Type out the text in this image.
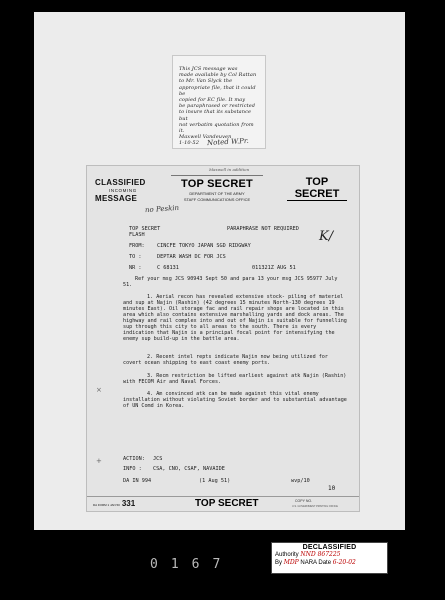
This JCS message was
made available by Col Rattan
to Mr. Van Slyck the
appropriate file, that it could be
copied for EC file. It may
be paraphrased or restricted
to insure that its substance but
not verbatim quotation from it.
Maxwell Vandeuven
1-10-52	Noted W.Pr.
Maxwell in addition
CLASSIFIED
INCOMING
MESSAGE
TOP SECRET
DEPARTMENT OF THE ARMY
STAFF COMMUNICATIONS OFFICE
TOP
SECRET
no Peskin
K/
TOP SECRET	PARAPHRASE NOT REQUIRED
FLASH
FROM: CINCFE TOKYO JAPAN SGD RIDGWAY
TO :	DEPTAR WASH DC FOR JCS
NR :	C 68131	011321Z AUG 51
Ref your msg JCS 90943 Sept 50 and para 13 your msg JCS 95977 July 51.
1. Aerial recon has revealed extensive stock- piling of materiel and sup at Najin (Rashin) (42 degrees 15 minutes North-130 degrees 19 minutes East). Oil storage fac and rail repair shops are located in this area which also contains extensive marshalling yards and dock areas. The highway and rail complex into and out of Najin is suitable for funnelling sup through this city to all areas to the south. There is every indication that Najin is a principal focal point for intensifying the enemy sup build-up in the battle area.
2. Recent intel repts indicate Najin now being utilized for covert ocean shipping to east coast enemy ports.
3. Recm restriction be lifted earliest against atk Najin (Rashin) with FECOM Air and Naval Forces.
4. Am convinced atk can be made against this vital enemy installation without violating Soviet border and to substantial advantage of UN Comd in Korea.
ACTION: JCS
INFO : CSA, CNO, CSAF, NAVAIDE
DA IN 994	(1 Aug 51)	wvp/10
DA FORM 1 JAN 50 331	TOP SECRET	COPY NO.
U.S. GOVERNMENT PRINTING OFFICE
10
×
+
DECLASSIFIED
Authority NND 867225
By MDP NARA Date 6-20-02
0167
